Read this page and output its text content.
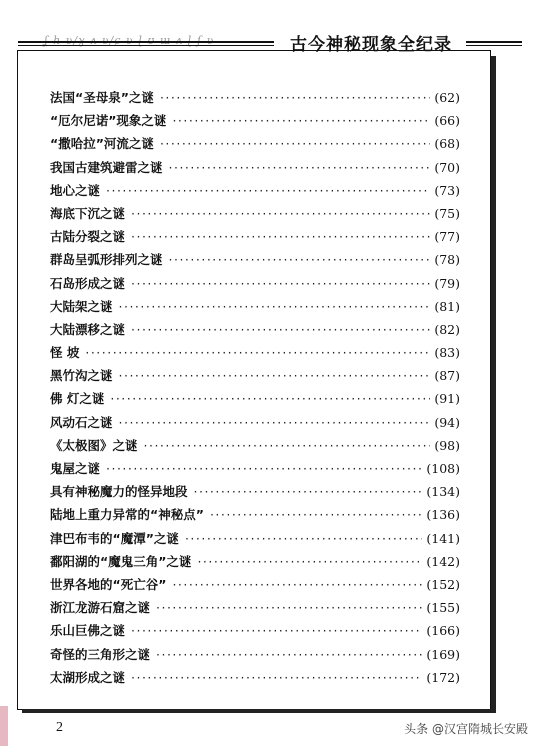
ʆ h ʋ/ɣ ʌ ʋ/ɕ ʋ ɭ ʊ ɯ ʌ ɭ ʄ ʋ	古今神秘现象全纪录
法国“圣母泉”之谜 ·····	(62)
“厄尔尼诺”现象之谜 ·····	(66)
“撒哈拉”河流之谜 ·····	(68)
我国古建筑避雷之谜 ·····	(70)
地心之谜 ·····	(73)
海底下沉之谜 ·····	(75)
古陆分裂之谜 ·····	(77)
群岛呈弧形排列之谜 ·····	(78)
石岛形成之谜 ·····	(79)
大陆架之谜 ·····	(81)
大陆漂移之谜 ·····	(82)
怪 坡 ·····	(83)
黑竹沟之谜 ·····	(87)
佛 灯之谜 ·····	(91)
风动石之谜 ·····	(94)
《太极图》之谜 ·····	(98)
鬼屋之谜 ·····	(108)
具有神秘魔力的怪异地段 ·····	(134)
陆地上重力异常的“神秘点” ·····	(136)
津巴布韦的“魔潭”之谜 ·····	(141)
鄱阳湖的“魔鬼三角”之谜 ·····	(142)
世界各地的“死亡谷” ·····	(152)
浙江龙游石窟之谜 ·····	(155)
乐山巨佛之谜 ·····	(166)
奇怪的三角形之谜 ·····	(169)
太湖形成之谜 ·····	(172)
2	头条 @汉宫隋城长安殿
